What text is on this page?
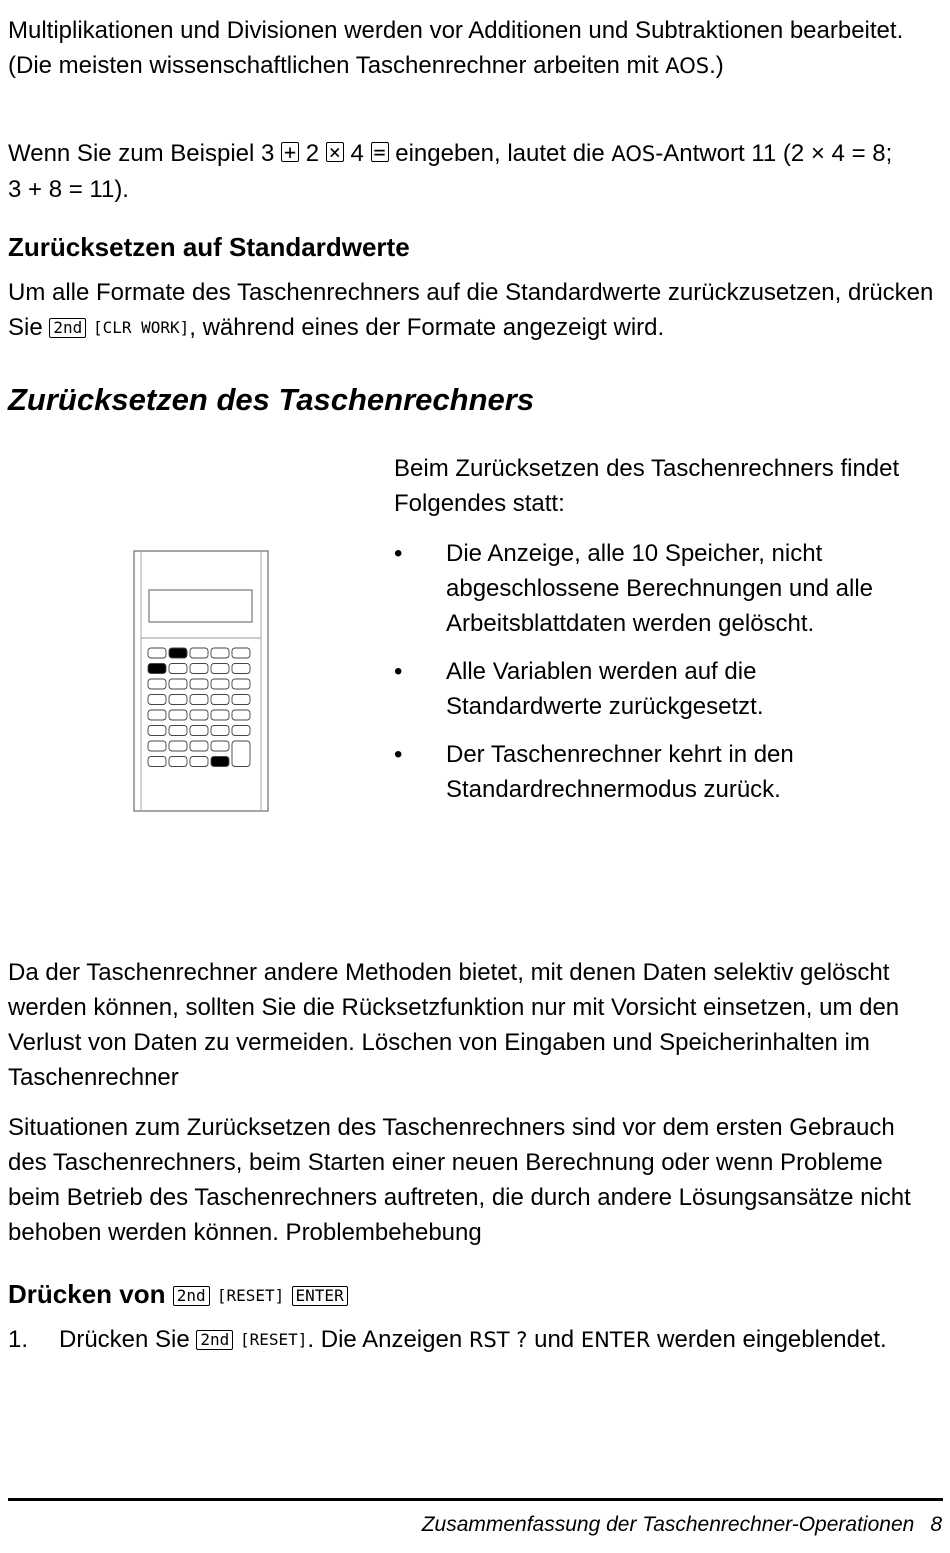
Multiplikationen und Divisionen werden vor Additionen und Subtraktionen bearbeitet. (Die meisten wissenschaftlichen Taschenrechner arbeiten mit AOS.)

Wenn Sie zum Beispiel 3 + 2 × 4 = eingeben, lautet die AOS-Antwort 11 (2 × 4 = 8; 3 + 8 = 11).

Zurücksetzen auf Standardwerte

Um alle Formate des Taschenrechners auf die Standardwerte zurückzusetzen, drücken Sie 2nd [CLR WORK], während eines der Formate angezeigt wird.

Zurücksetzen des Taschenrechners

Beim Zurücksetzen des Taschenrechners findet Folgendes statt:

• Die Anzeige, alle 10 Speicher, nicht abgeschlossene Berechnungen und alle Arbeitsblattdaten werden gelöscht.
• Alle Variablen werden auf die Standardwerte zurückgesetzt.
• Der Taschenrechner kehrt in den Standardrechnermodus zurück.

Da der Taschenrechner andere Methoden bietet, mit denen Daten selektiv gelöscht werden können, sollten Sie die Rücksetzfunktion nur mit Vorsicht einsetzen, um den Verlust von Daten zu vermeiden. Löschen von Eingaben und Speicherinhalten im Taschenrechner

Situationen zum Zurücksetzen des Taschenrechners sind vor dem ersten Gebrauch des Taschenrechners, beim Starten einer neuen Berechnung oder wenn Probleme beim Betrieb des Taschenrechners auftreten, die durch andere Lösungsansätze nicht behoben werden können. Problembehebung

Drücken von 2nd [RESET] ENTER
1. Drücken Sie 2nd [RESET]. Die Anzeigen RST ? und ENTER werden eingeblendet.

Zusammenfassung der Taschenrechner-Operationen 8
